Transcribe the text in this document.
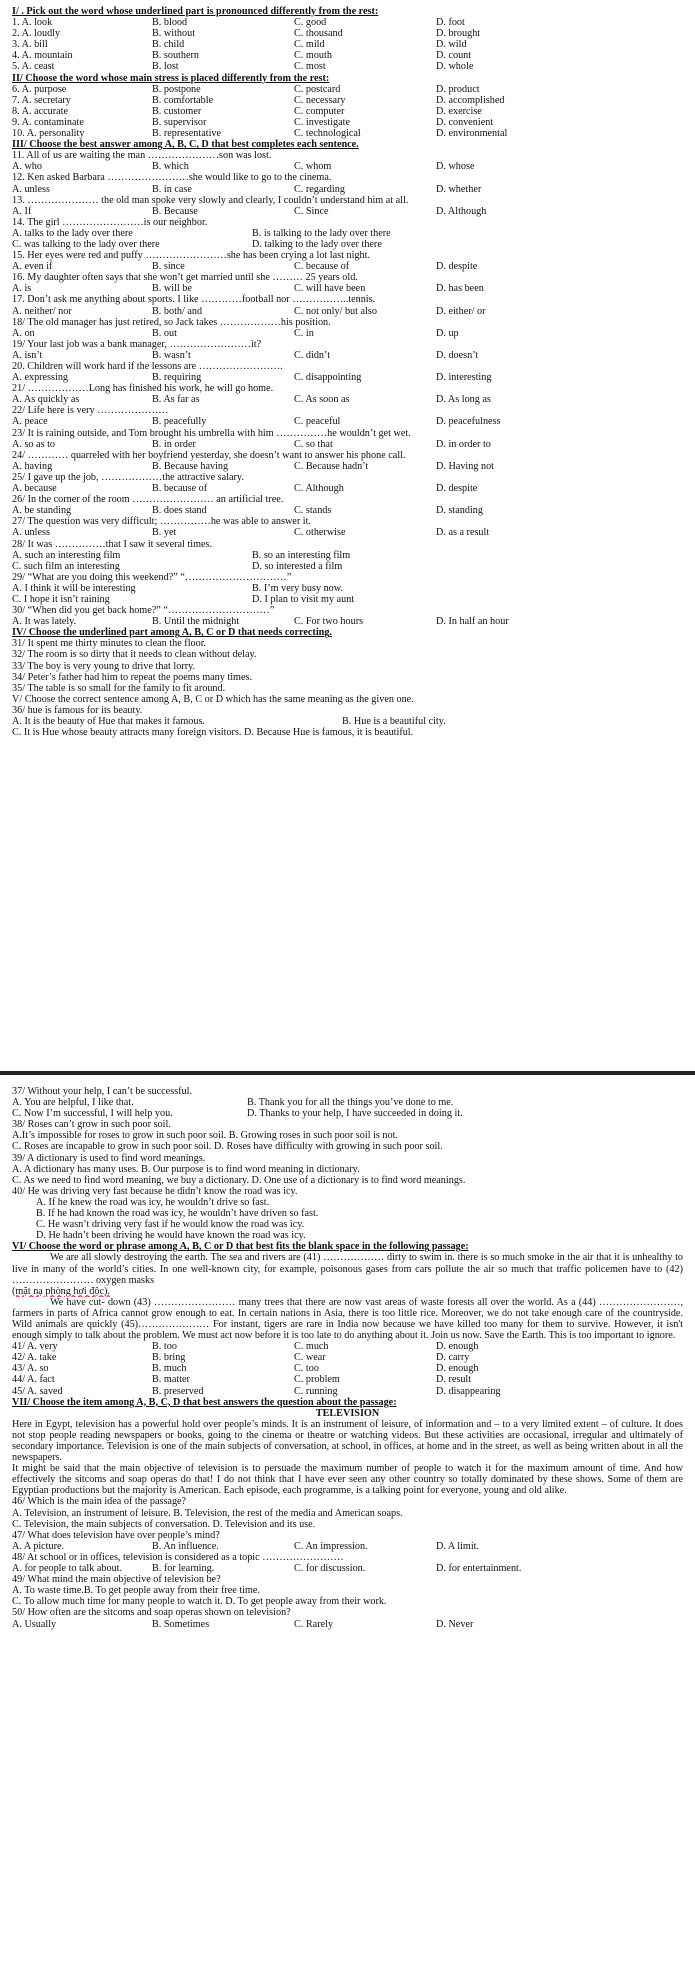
I/ . Pick out the word whose underlined part is pronounced differently from the rest:
1. A. look	B. blood	C. good	D. foot
2. A. loudly	B. without	C. thousand	D. brought
3. A. bill	B. child	C. mild	D. wild
4. A. mountain	B. southern	C. mouth	D. count
5. A. ceast	B. lost	C. most	D. whole
II/ Choose the word whose main stress is placed differently from the rest:
6. A. purpose	B. postpone	C. postcard	D. product
7. A. secretary	B. comfortable	C. necessary	D. accomplished
8. A. accurate	B. customer	C. computer	D. exercise
9. A. contaminate	B. supervisor	C. investigate	D. convenient
10. A. personality	B. representative	C. technological	D. environmental
III/ Choose the best answer among A, B, C, D that best completes each sentence.
11. All of us are waiting the man …………………son was lost.
A. who	B. which	C. whom	D. whose
12. Ken asked Barbara ……………………she would like to go to the cinema.
A. unless	B. in case	C. regarding	D. whether
13. ………………… the old man spoke very slowly and clearly, I couldn’t understand him at all.
A. If	B. Because	C. Since	D. Although
14. The girl ……………………is our neighbor.
A. talks to the lady over there	B. is talking to the lady over there
C. was talking to the lady over there	D. talking to the lady over there
15. Her eyes were red and puffy ……………………she has been crying a lot last night.
A. even if	B. since	C. because of	D. despite
16. My daughter often says that she won’t get married until she ……… 25 years old.
A. is	B. will be	C. will have been	D. has been
17. Don’t ask me anything about sports. I like …………football nor ……………..tennis.
A. neither/ nor	B. both/ and	C. not only/ but also	D. either/ or
18/ The old manager has just retired, so Jack takes ………………his position.
A. on	B. out	C. in	D. up
19/ Your last job was a bank manager, ……………………it?
A. isn’t	B. wasn’t	C. didn’t	D. doesn’t
20. Children will work hard if the lessons are …………………….
A. expressing	B. requiring	C. disappointing	D. interesting
21/ ………………Long has finished his work, he will go home.
A. As quickly as	B. As far as	C. As soon as	D. As long as
22/ Life here is very …………………
A. peace	B. peacefully	C. peaceful	D. peacefulness
23/ It is raining outside, and Tom brought his umbrella with him ……………he wouldn’t get wet.
A. so as to	B. in order	C. so that	D. in order to
24/ ………… quarreled with her boyfriend yesterday, she doesn’t want to answer his phone call.
A. having	B. Because having	C. Because hadn’t	D. Having not
25/ I gave up the job, ………………the attractive salary.
A. because	B. because of	C. Although	D. despite
26/ In the corner of the room …………………… an artificial tree.
A. be standing	B. does stand	C. stands	D. standing
27/ The question was very difficult; ……………he was able to answer it.
A. unless	B. yet	C. otherwise	D. as a result
28/ It was ……………that I saw it several times.
A. such an interesting film	B. so an interesting film
C. such film an interesting	D. so interested a film
29/ “What are you doing this weekend?” “…………………………”
A. I think it will be interesting	B. I’m very busy now.
C. I hope it isn’t raining	D. I plan to visit my aunt
30/ “When did you get back home?” “…………………………”
A. It was lately.	B. Until the midnight	C. For two hours	D. In half an hour
IV/ Choose the underlined part among A, B, C or D that needs correcting.
31/ It spent me thirty minutes to clean the floor.
32/ The room is so dirty that it needs to clean without delay.
33/ The boy is very young to drive that lorry.
34/ Peter’s father had him to repeat the poems many times.
35/ The table is so small for the family to fit around.
V/ Choose the correct sentence among A, B, C or D which has the same meaning as the given one.
36/ hue is famous for its beauty.
A. It is the beauty of Hue that makes it famous.	B. Hue is a beautiful city.
C. It is Hue whose beauty attracts many foreign visitors. D. Because Hue is famous, it is beautiful.
37/ Without your help, I can’t be successful.
A. You are helpful, I like that.	B. Thank you for all the things you’ve done to me.
C. Now I’m successful, I will help you.	D. Thanks to your help, I have succeeded in doing it.
38/ Roses can’t grow in such poor soil.
A.It’s impossible for roses to grow in such poor soil. B. Growing roses in such poor soil is not.
C. Roses are incapable to grow in such poor soil. D. Roses have difficulty with growing in such poor soil.
39/ A dictionary is used to find word meanings.
A. A dictionary has many uses. B. Our purpose is to find word meaning in dictionary.
C. As we need to find word meaning, we buy a dictionary. D. One use of a dictionary is to find word meanings.
40/ He was driving very fast because he didn’t know the road was icy.
A. If he knew the road was icy, he wouldn’t drive so fast.
B. If he had known the road was icy, he wouldn’t have driven so fast.
C. He wasn’t driving very fast if he would know the road was icy.
D. He hadn’t been driving he would have known the road was icy.
VI/ Choose the word or phrase among A, B, C or D that best fits the blank space in the following passage:
We are all slowly destroying the earth. The sea and rivers are (41) ……………… dirty to swim in. there is so much smoke in the air that it is unhealthy to live in many of the world’s cities. In one well-known city, for example, poisonous gases from cars pollute the air so much that traffic policemen have to (42) …………………… oxygen masks
(mặt nạ phòng hơi độc).
We have cut- down (43) …………………… many trees that there are now vast areas of waste forests all over the world. As a (44) ……………………, farmers in parts of Africa cannot grow enough to eat. In certain nations in Asia, there is too little rice. Moreover, we do not take enough care of the countryside. Wild animals are quickly (45)………………… For instant, tigers are rare in India now because we have killed too many for them to survive. However, it isn't enough simply to talk about the problem. We must act now before it is too late to do anything about it. Join us now. Save the Earth. This is too important to ignore.
41/ A. very	B. too	C. much	D. enough
42/ A. take	B. bring	C. wear	D. carry
43/ A. so	B. much	C. too	D. enough
44/ A. fact	B. matter	C. problem	D. result
45/ A. saved	B. preserved	C. running	D. disappearing
VII/ Choose the item among A, B, C, D that best answers the question about the passage:
TELEVISION
Here in Egypt, television has a powerful hold over people’s minds. It is an instrument of leisure, of information and – to a very limited extent – of culture. It does not stop people reading newspapers or books, going to the cinema or theatre or watching videos. But these activities are occasional, irregular and ultimately of secondary importance. Television is one of the main subjects of conversation, at school, in offices, at home and in the street, as well as being written about in all the newspapers.
It might be said that the main objective of television is to persuade the maximum number of people to watch it for the maximum amount of time. And how effectively the sitcoms and soap operas do that! I do not think that I have ever seen any other country so totally dominated by these shows. Some of them are Egyptian productions but the majority is American. Each episode, each programme, is a talking point for everyone, young and old alike.
46/ Which is the main idea of the passage?
A. Television, an instrument of leisure. B. Television, the rest of the media and American soaps.
C. Television, the main subjects of conversation. D. Television and its use.
47/ What does television have over people’s mind?
A. A picture.	B. An influence.	C. An impression.	D. A limit.
48/ At school or in offices, television is considered as a topic ……………………
A. for people to talk about.	B. for learning.	C. for discussion.	D. for entertainment.
49/ What mind the main objective of television be?
A. To waste time.B. To get people away from their free time.
C. To allow much time for many people to watch it. D. To get people away from their work.
50/ How often are the sitcoms and soap operas shown on television?
A. Usually	B. Sometimes	C. Rarely	D. Never
